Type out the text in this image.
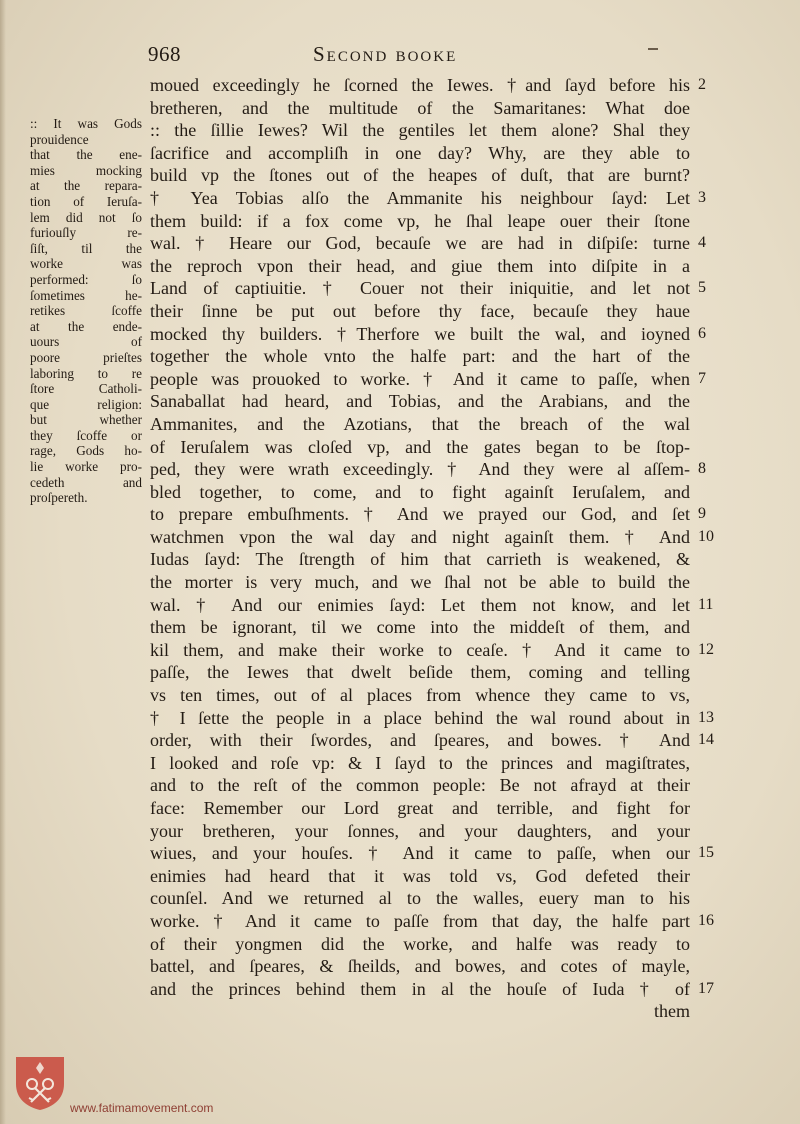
968	Second booke
:: It was Gods
prouidence
that the ene-
mies mocking
at the repara-
tion of Ieruſa-
lem did not ſo
furiouſly re-
ſiſt, til the
worke was
performed: ſo
ſometimes he-
retikes ſcoffe
at the ende-
uours of
poore prieſtes
laboring to re
ſtore Catholi-
que religion:
but whether
they ſcoffe or
rage, Gods ho-
lie worke pro-
cedeth and
proſpereth.
moued exceedingly he ſcorned the Iewes. †and ſayd before his
bretheren, and the multitude of the Samaritanes: What doe
:: the ſillie Iewes? Wil the gentiles let them alone? Shal they
ſacrifice and accompliſh in one day? Why, are they able to
build vp the ſtones out of the heapes of duſt, that are burnt?
† Yea Tobias alſo the Ammanite his neighbour ſayd: Let
them build: if a fox come vp, he ſhal leape ouer their ſtone
wal. † Heare our God, becauſe we are had in diſpiſe: turne
the reproch vpon their head, and giue them into diſpite in a
Land of captiuitie. † Couer not their iniquitie, and let not
their ſinne be put out before thy face, becauſe they haue
mocked thy builders. †Therfore we built the wal, and ioyned
together the whole vnto the halfe part: and the hart of the
people was prouoked to worke. † And it came to paſſe, when
Sanaballat had heard, and Tobias, and the Arabians, and the
Ammanites, and the Azotians, that the breach of the wal
of Ieruſalem was cloſed vp, and the gates began to be ſtop-
ped, they were wrath exceedingly. † And they were al aſſem-
bled together, to come, and to fight againſt Ieruſalem, and
to prepare embuſhments. † And we prayed our God, and ſet
watchmen vpon the wal day and night againſt them. † And
Iudas ſayd: The ſtrength of him that carrieth is weakened, &
the morter is very much, and we ſhal not be able to build the
wal. † And our enimies ſayd: Let them not know, and let
them be ignorant, til we come into the middeſt of them, and
kil them, and make their worke to ceaſe. † And it came to
paſſe, the Iewes that dwelt beſide them, coming and telling
vs ten times, out of al places from whence they came to vs,
† I ſette the people in a place behind the wal round about in
order, with their ſwordes, and ſpeares, and bowes. † And
I looked and roſe vp: & I ſayd to the princes and magiſtrates,
and to the reſt of the common people: Be not afrayd at their
face: Remember our Lord great and terrible, and fight for
your bretheren, your ſonnes, and your daughters, and your
wiues, and your houſes. † And it came to paſſe, when our
enimies had heard that it was told vs, God defeted their
counſel. And we returned al to the walles, euery man to his
worke. † And it came to paſſe from that day, the halfe part
of their yongmen did the worke, and halfe was ready to
battel, and ſpeares, & ſheilds, and bowes, and cotes of mayle,
and the princes behind them in al the houſe of Iuda † of
them
2
3
4
5
6
7
8
9
10
11
12
13
14
15
16
17
www.fatimamovement.com
